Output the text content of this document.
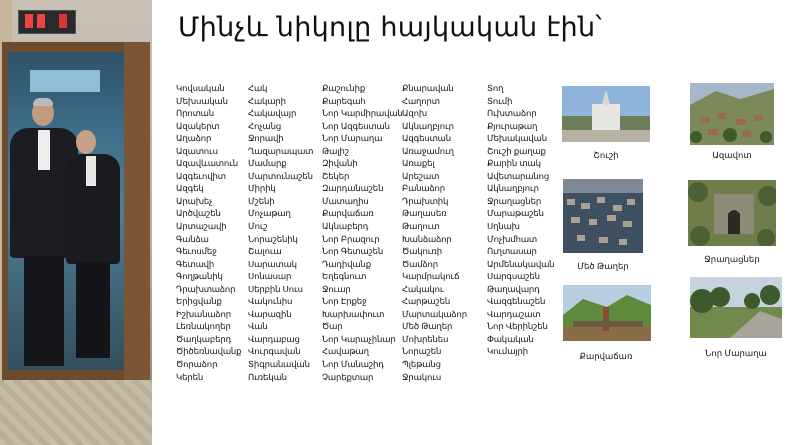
Մինչև նիկոլը հայկական էին՝
Կովսական
Մեխսական
Որոտան
Ազակերտ
Աղաձոր
Ազատուս
Ազավևատուն
Ազգեւովիտ
Ազգեկ
Արախեչ
Արծվաշեն
Արտաշավի
Գանձա
Գեւոսմեջ
Գետավի
Գողթանիկ
Դրախտաձոր
Երիցվանք
Իշխանաձոր
Լեռնակողեր
Ծաղկաբերդ
Ծիծեռնավանք
Ծորաձոր
Կերեն
Հակ
Հակարի
Հակավայր
Հոչանց
Ջորավի
Ղազարապատ
Մամարք
Մարտունաշեն
Միրիկ
Մշենի
Մոչաթաղ
Մուշ
Նորաշենիկ
Շալուա
Սարատակ
Սոնասար
Սերբին Սուս
Վակունիս
Վարազին
Վան
Վարդաբաց
Վուրգավան
Տիգրանավան
Ուռեկան
Քաշունիք
Քարեգահ
Նոր Կարմիրավան
Նոր Ազգեստան
Նոր Մարաղա
Թալիշ
Զիվանի
Շեկեր
Զարդանաշեն
Մատաղիս
Քարվաճառ
Ակնաբերդ
Նոր Բրազուր
Նոր Գետաշեն
Դադիվանք
Եղեգնուտ
Ջուար
Նոր Էրքեջ
Խարխափուտ
Ծար
Նոր Կարաչինար
Հավաթաղ
Նոր Մանաշիդ
Չարեքտար
Քնարավան
Հաղորտ
Ազոխ
Ակնաղբյուր
Ազգեստան
Առաջամուղ
Առաքել
Արեշատ
Բանաձոր
Դրախտիկ
Թաղասեռ
Թաղուտ
Խանձաձոր
Ծակուռի
Ծամձոր
Կարմրակուճ
Հակակու
Հարթաշեն
Մարտակաձոր
Մեծ Թաղեր
Մոխրենես
Նորաշեն
Պլեթանց
Ջրակուս
Տող
Տումի
Ուխտաձոր
Քյուրաթաղ
Մեխակավան
Շուշի քաղաք
Քարին տակ
Ավետարանոց
Ակնաղբյուր
Ջրաղացներ
Մարաթաշեն
Սղնախ
Մոչխմհատ
Ուղտասար
Արմենակավան
Սարգսաշեն
Թաղավարդ
Վազգենաշեն
Վարդաշատ
Նոր Վերինշեն
Փակական
Կումայրի
Շուշի
Մեծ Թաղեր
Քարվաճառ
Ազավոտ
Ջրաղացներ
Նոր Մարաղա
